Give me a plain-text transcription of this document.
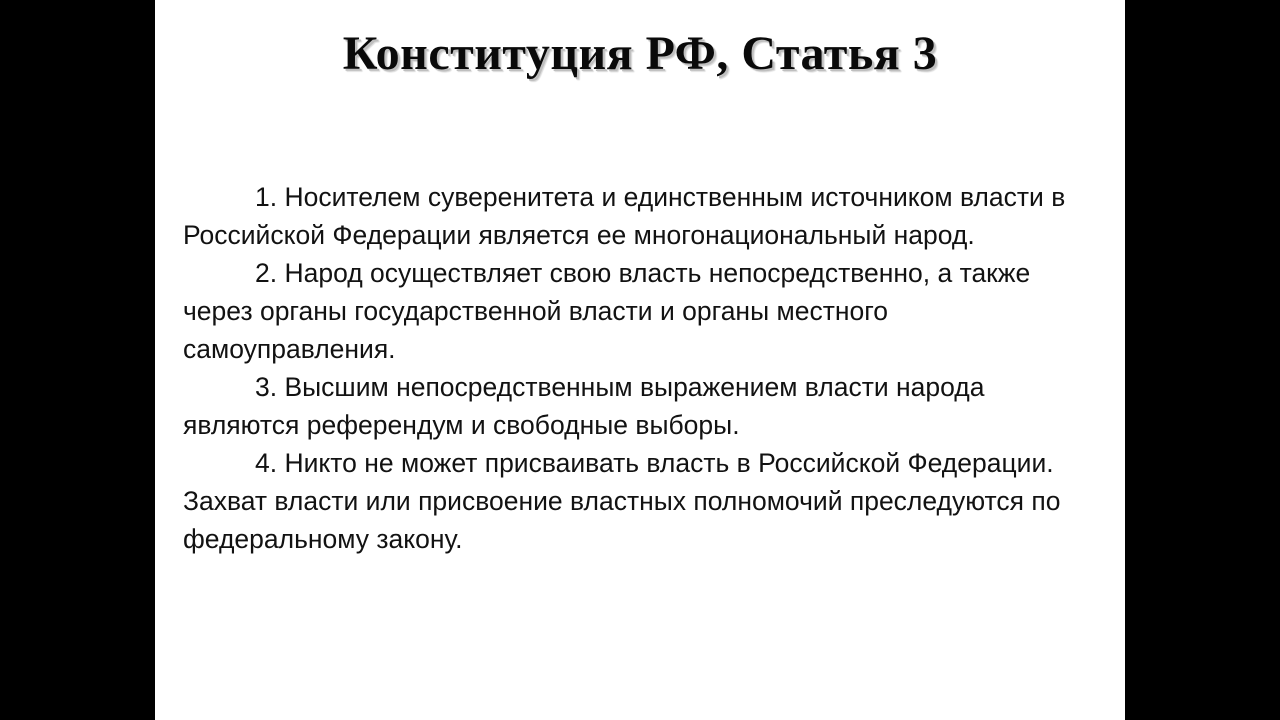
Конституция РФ, Статья 3

1. Носителем суверенитета и единственным источником власти в Российской Федерации является ее многонациональный народ.

2. Народ осуществляет свою власть непосредственно, а также через органы государственной власти и органы местного самоуправления.

3. Высшим непосредственным выражением власти народа являются референдум и свободные выборы.

4. Никто не может присваивать власть в Российской Федерации. Захват власти или присвоение властных полномочий преследуются по федеральному закону.
